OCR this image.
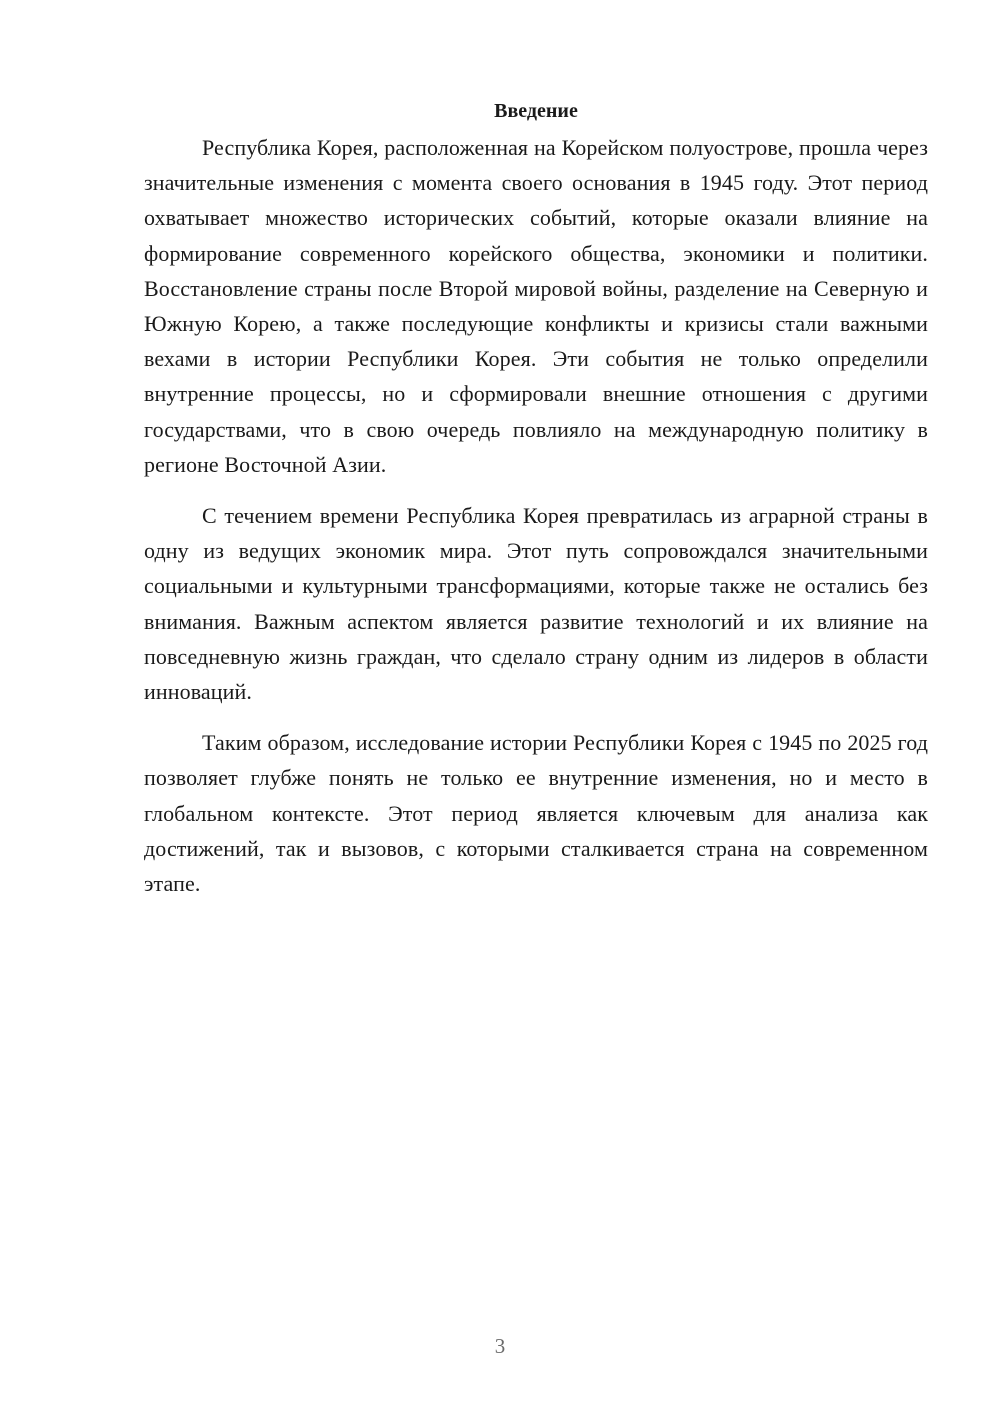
Введение

Республика Корея, расположенная на Корейском полуострове, прошла через значительные изменения с момента своего основания в 1945 году. Этот период охватывает множество исторических событий, которые оказали влияние на формирование современного корейского общества, экономики и политики. Восстановление страны после Второй мировой войны, разделение на Северную и Южную Корею, а также последующие конфликты и кризисы стали важными вехами в истории Республики Корея. Эти события не только определили внутренние процессы, но и сформировали внешние отношения с другими государствами, что в свою очередь повлияло на международную политику в регионе Восточной Азии.

С течением времени Республика Корея превратилась из аграрной страны в одну из ведущих экономик мира. Этот путь сопровождался значительными социальными и культурными трансформациями, которые также не остались без внимания. Важным аспектом является развитие технологий и их влияние на повседневную жизнь граждан, что сделало страну одним из лидеров в области инноваций.

Таким образом, исследование истории Республики Корея с 1945 по 2025 год позволяет глубже понять не только ее внутренние изменения, но и место в глобальном контексте. Этот период является ключевым для анализа как достижений, так и вызовов, с которыми сталкивается страна на современном этапе.

3
